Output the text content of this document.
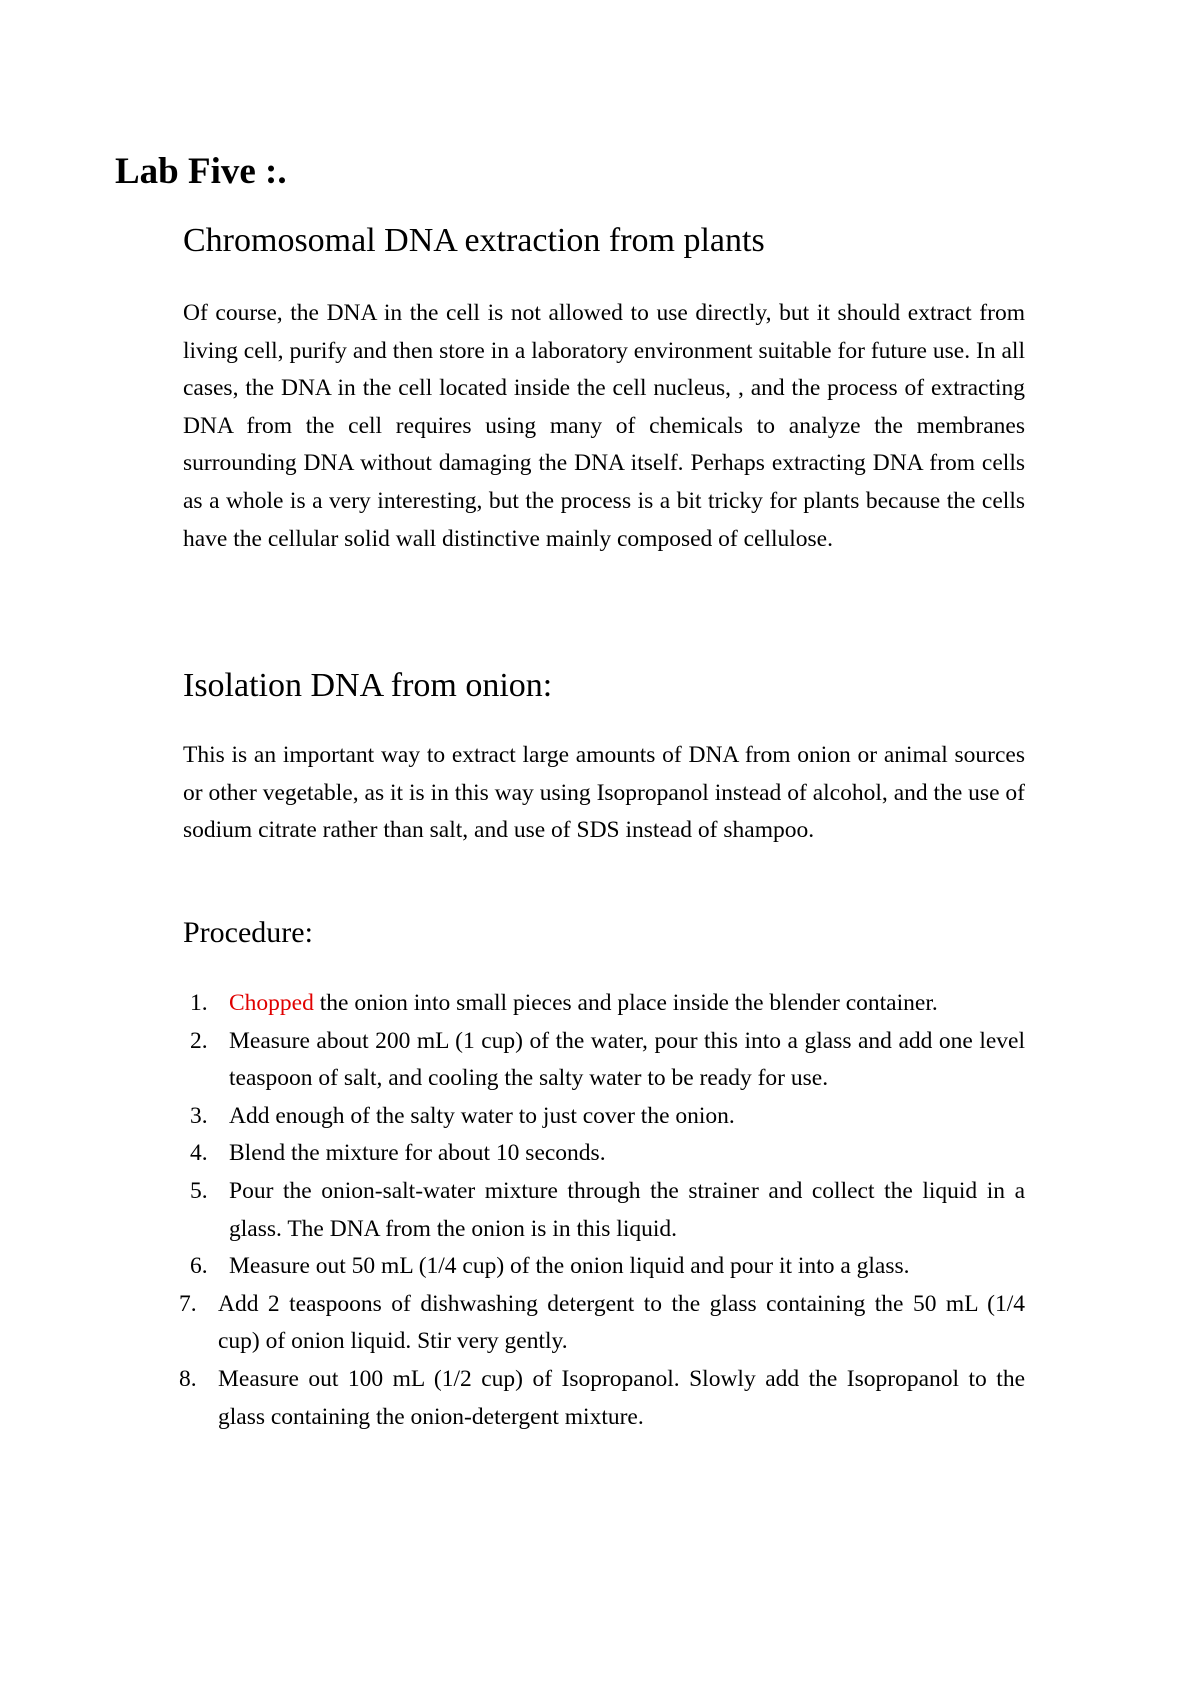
Lab Five :.
Chromosomal DNA extraction from plants

Of course, the DNA in the cell is not allowed to use directly, but it should extract from living cell, purify and then store in a laboratory environment suitable for future use. In all cases, the DNA in the cell located inside the cell nucleus, , and the process of extracting DNA from the cell requires using many of chemicals to analyze the membranes surrounding DNA without damaging the DNA itself. Perhaps extracting DNA from cells as a whole is a very interesting, but the process is a bit tricky for plants because the cells have the cellular solid wall distinctive mainly composed of cellulose.

Isolation DNA from onion:

This is an important way to extract large amounts of DNA from onion or animal sources or other vegetable, as it is in this way using Isopropanol instead of alcohol, and the use of sodium citrate rather than salt, and use of SDS instead of shampoo.

Procedure:
1. Chopped the onion into small pieces and place inside the blender container.
2. Measure about 200 mL (1 cup) of the water, pour this into a glass and add one level teaspoon of salt, and cooling the salty water to be ready for use.
3. Add enough of the salty water to just cover the onion.
4. Blend the mixture for about 10 seconds.
5. Pour the onion-salt-water mixture through the strainer and collect the liquid in a glass. The DNA from the onion is in this liquid.
6. Measure out 50 mL (1/4 cup) of the onion liquid and pour it into a glass.
7. Add 2 teaspoons of dishwashing detergent to the glass containing the 50 mL (1/4 cup) of onion liquid. Stir very gently.
8. Measure out 100 mL (1/2 cup) of Isopropanol. Slowly add the Isopropanol to the glass containing the onion-detergent mixture.
